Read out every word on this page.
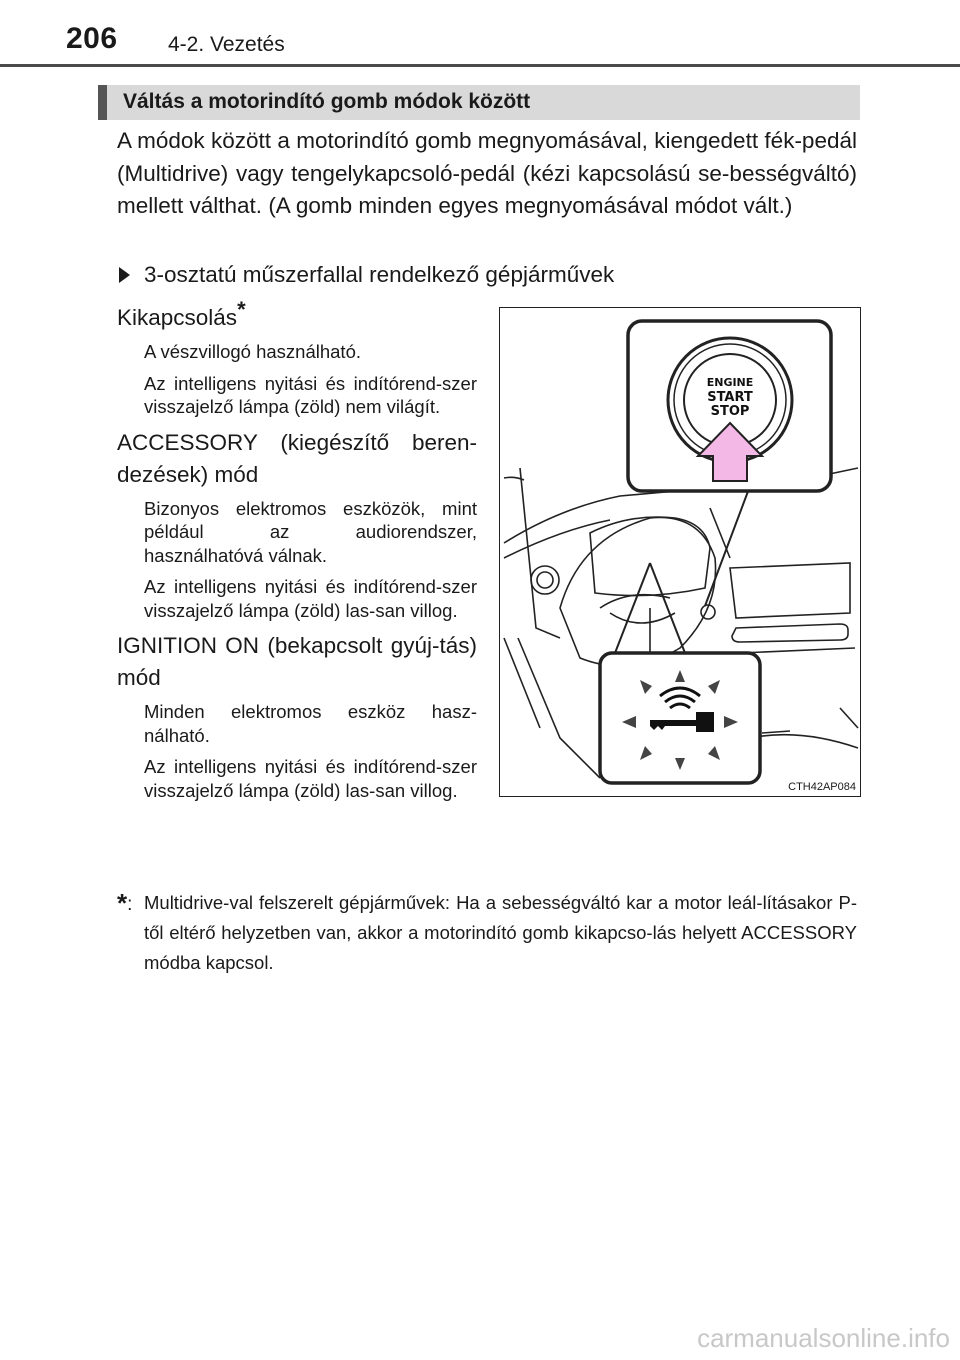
206 4-2. Vezetés
Váltás a motorindító gomb módok között
A módok között a motorindító gomb megnyomásával, kiengedett fék-pedál (Multidrive) vagy tengelykapcsoló-pedál (kézi kapcsolású se-bességváltó) mellett válthat. (A gomb minden egyes megnyomásával módot vált.)
3-osztatú műszerfallal rendelkező gépjárművek

Kikapcsolás*

A vészvillogó használható.

Az intelligens nyitási és indítórend-szer visszajelző lámpa (zöld) nem világít.

ACCESSORY (kiegészítő beren-dezések) mód

Bizonyos elektromos eszközök, mint például az audiorendszer, használhatóvá válnak.

Az intelligens nyitási és indítórend-szer visszajelző lámpa (zöld) las-san villog.

IGNITION ON (bekapcsolt gyúj-tás) mód

Minden elektromos eszköz hasz-nálható.

Az intelligens nyitási és indítórend-szer visszajelző lámpa (zöld) las-san villog.

ENGINE
START
STOP
CTH42AP084
*: Multidrive-val felszerelt gépjárművek: Ha a sebességváltó kar a motor leál-lításakor P-től eltérő helyzetben van, akkor a motorindító gomb kikapcso-lás helyett ACCESSORY módba kapcsol.
carmanualsonline.info
